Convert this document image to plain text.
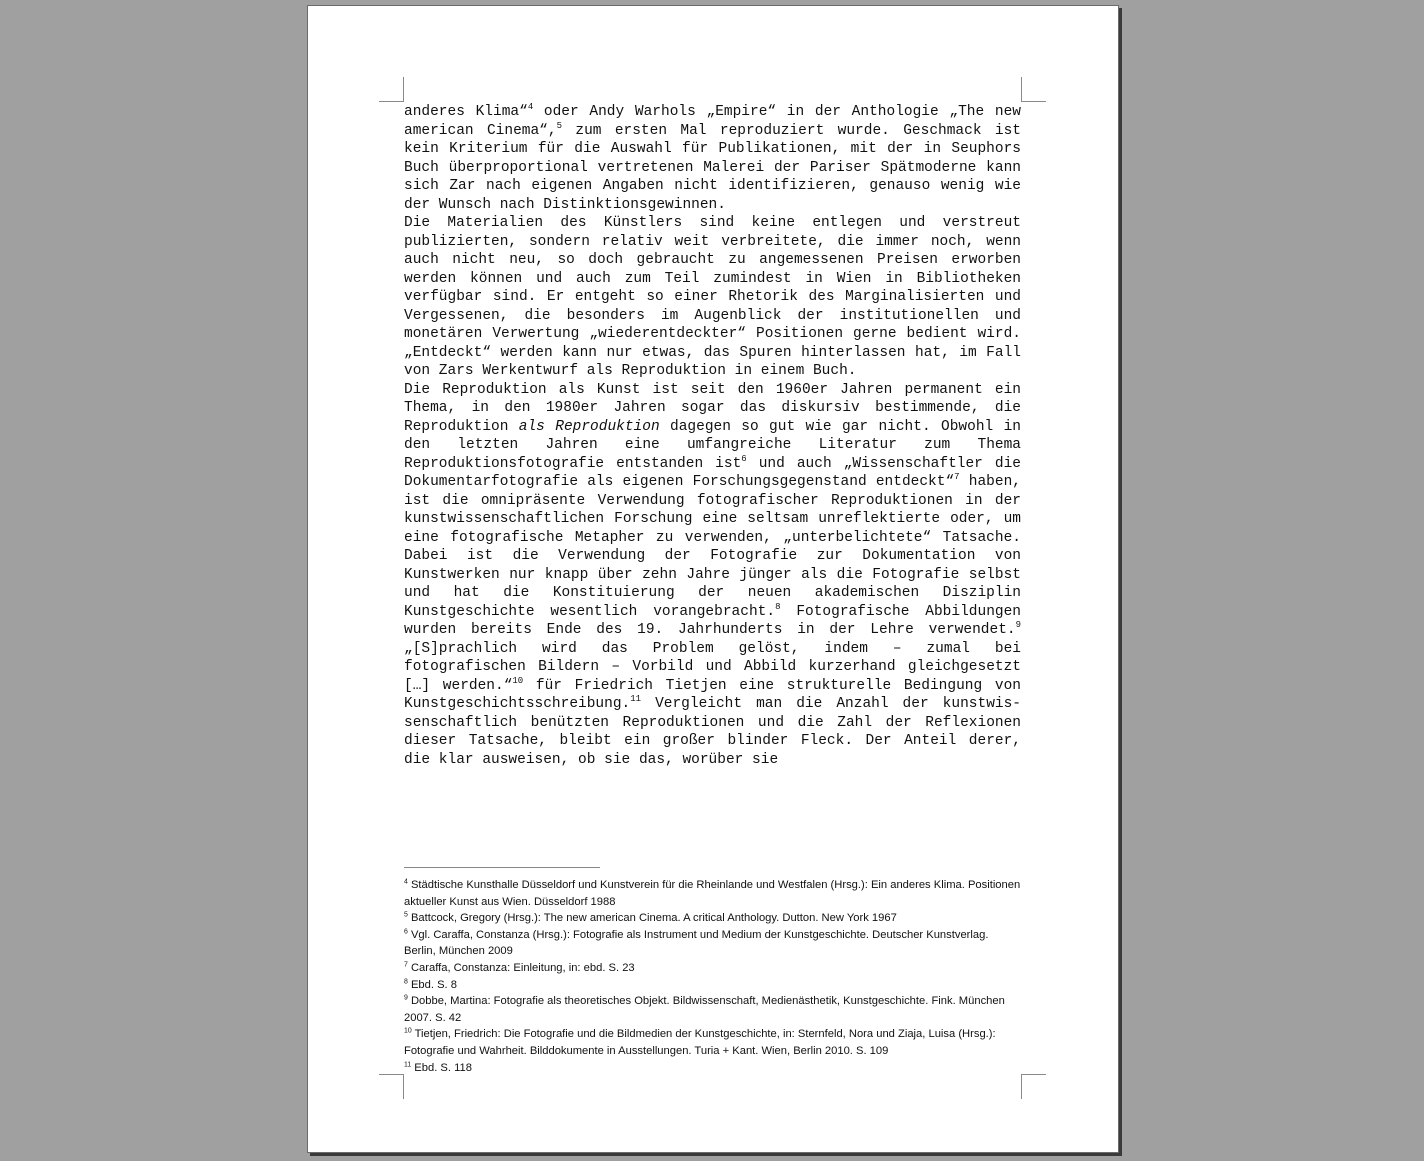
anderes Klima“$^4$ oder Andy Warhols „Empire“ in der Anthologie „The new american Cinema“,$^5$ zum ersten Mal reproduziert wurde. Geschmack ist kein Kriterium für die Auswahl für Publikationen, mit der in Seuphors Buch überproportional vertretenen Malerei der Pariser Spätmoderne kann sich Zar nach eigenen Angaben nicht identifizieren, genauso wenig wie der Wunsch nach Distinktionsgewinnen.

Die Materialien des Künstlers sind keine entlegen und verstreut publizierten, sondern relativ weit verbreitete, die immer noch, wenn auch nicht neu, so doch gebraucht zu angemessenen Preisen erworben werden können und auch zum Teil zumindest in Wien in Bibliotheken verfügbar sind. Er entgeht so einer Rhetorik des Marginalisierten und Vergessenen, die besonders im Augenblick der institutionellen und monetären Verwertung „wiederentdeckter“ Positionen gerne bedient wird. „Entdeckt“ werden kann nur etwas, das Spuren hinterlassen hat, im Fall von Zars Werkentwurf als Reproduktion in einem Buch.

Die Reproduktion als Kunst ist seit den 1960er Jahren permanent ein Thema, in den 1980er Jahren sogar das diskursiv bestimmende, die Reproduktion als Reproduktion dagegen so gut wie gar nicht. Obwohl in den letzten Jahren eine umfangreiche Literatur zum Thema Reproduktionsfotografie entstanden ist$^6$ und auch „Wissenschaftler die Dokumentarfotografie als eigenen Forschungsgegenstand entdeckt“$^7$ haben, ist die omnipräsente Verwendung fotografischer Reproduktionen in der kunstwissenschaftlichen Forschung eine seltsam unreflektierte oder, um eine fotografische Metapher zu verwenden, „unterbelichtete“ Tatsache. Dabei ist die Verwendung der Fotografie zur Dokumentation von Kunstwerken nur knapp über zehn Jahre jünger als die Fotografie selbst und hat die Konstituierung der neuen akademischen Disziplin Kunstgeschichte wesentlich vorangebracht.$^8$ Fotografische Abbildungen wurden bereits Ende des 19. Jahrhunderts in der Lehre verwendet.$^9$ „[S]prachlich wird das Problem gelöst, indem – zumal bei fotografischen Bildern – Vorbild und Abbild kurzerhand gleichgesetzt […] werden.“$^{10}$ für Friedrich Tietjen eine strukturelle Bedingung von Kunstgeschichtsschreibung.$^{11}$ Vergleicht man die Anzahl der kunstwissenschaftlich benützten Reproduktionen und die Zahl der Reflexionen dieser Tatsache, bleibt ein großer blinder Fleck. Der Anteil derer, die klar ausweisen, ob sie das, worüber sie

$^4$ Städtische Kunsthalle Düsseldorf und Kunstverein für die Rheinlande und Westfalen (Hrsg.): Ein anderes Klima. Positionen aktueller Kunst aus Wien. Düsseldorf 1988
$^5$ Battcock, Gregory (Hrsg.): The new american Cinema. A critical Anthology. Dutton. New York 1967
$^6$ Vgl. Caraffa, Constanza (Hrsg.): Fotografie als Instrument und Medium der Kunstgeschichte. Deutscher Kunstverlag. Berlin, München 2009
$^7$ Caraffa, Constanza: Einleitung, in: ebd. S. 23
$^8$ Ebd. S. 8
$^9$ Dobbe, Martina: Fotografie als theoretisches Objekt. Bildwissenschaft, Medienästhetik, Kunstgeschichte. Fink. München 2007. S. 42
$^{10}$ Tietjen, Friedrich: Die Fotografie und die Bildmedien der Kunstgeschichte, in: Sternfeld, Nora und Ziaja, Luisa (Hrsg.): Fotografie und Wahrheit. Bilddokumente in Ausstellungen. Turia + Kant. Wien, Berlin 2010. S. 109
$^{11}$ Ebd. S. 118
